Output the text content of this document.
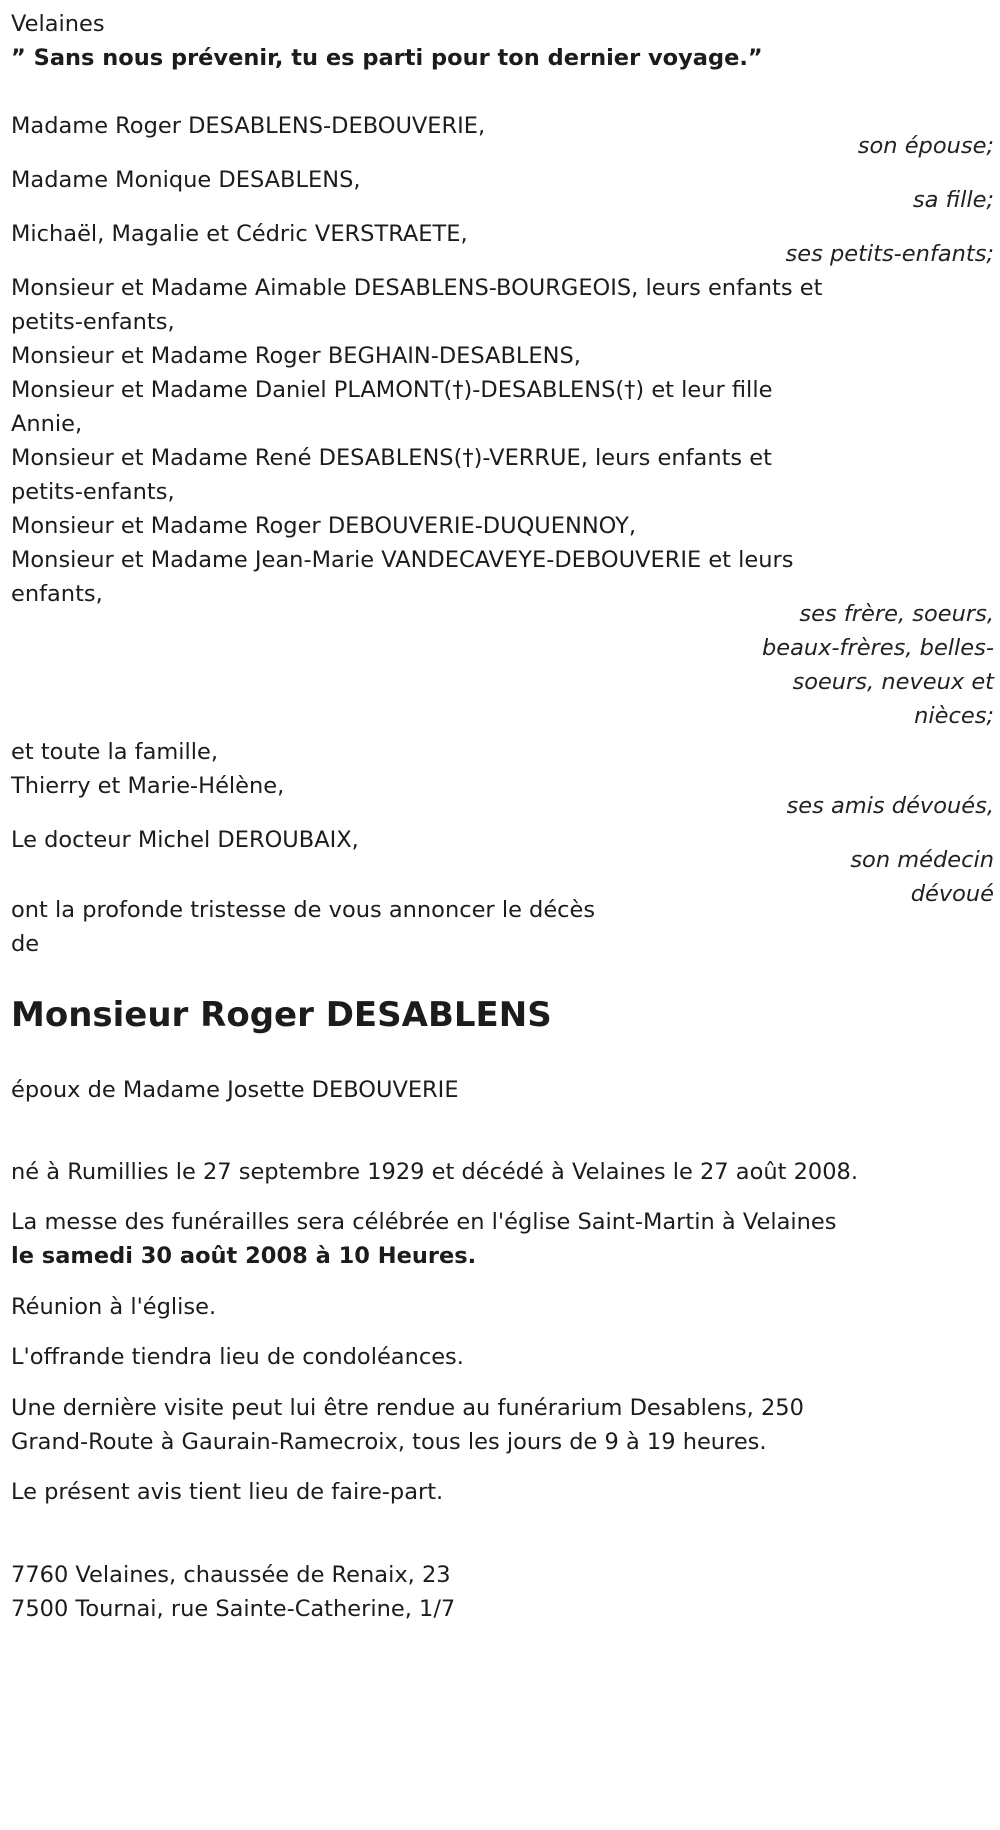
Velaines
” Sans nous prévenir, tu es parti pour ton dernier voyage.”
Madame Roger DESABLENS-DEBOUVERIE,
son épouse;
Madame Monique DESABLENS,
sa fille;
Michaël, Magalie et Cédric VERSTRAETE,
ses petits-enfants;
Monsieur et Madame Aimable DESABLENS-BOURGEOIS, leurs enfants et
petits-enfants,
Monsieur et Madame Roger BEGHAIN-DESABLENS,
Monsieur et Madame Daniel PLAMONT(†)-DESABLENS(†) et leur fille
Annie,
Monsieur et Madame René DESABLENS(†)-VERRUE, leurs enfants et
petits-enfants,
Monsieur et Madame Roger DEBOUVERIE-DUQUENNOY,
Monsieur et Madame Jean-Marie VANDECAVEYE-DEBOUVERIE et leurs
enfants,
ses frère, soeurs,
beaux-frères, belles-
soeurs, neveux et
nièces;
et toute la famille,
Thierry et Marie-Hélène,
ses amis dévoués,
Le docteur Michel DEROUBAIX,
son médecin
dévoué
ont la profonde tristesse de vous annoncer le décès
de
Monsieur Roger DESABLENS
époux de Madame Josette DEBOUVERIE
né à Rumillies le 27 septembre 1929 et décédé à Velaines le 27 août 2008.
La messe des funérailles sera célébrée en l'église Saint-Martin à Velaines
le samedi 30 août 2008 à 10 Heures.
Réunion à l'église.
L'offrande tiendra lieu de condoléances.
Une dernière visite peut lui être rendue au funérarium Desablens, 250
Grand-Route à Gaurain-Ramecroix, tous les jours de 9 à 19 heures.
Le présent avis tient lieu de faire-part.
7760 Velaines, chaussée de Renaix, 23
7500 Tournai, rue Sainte-Catherine, 1/7
